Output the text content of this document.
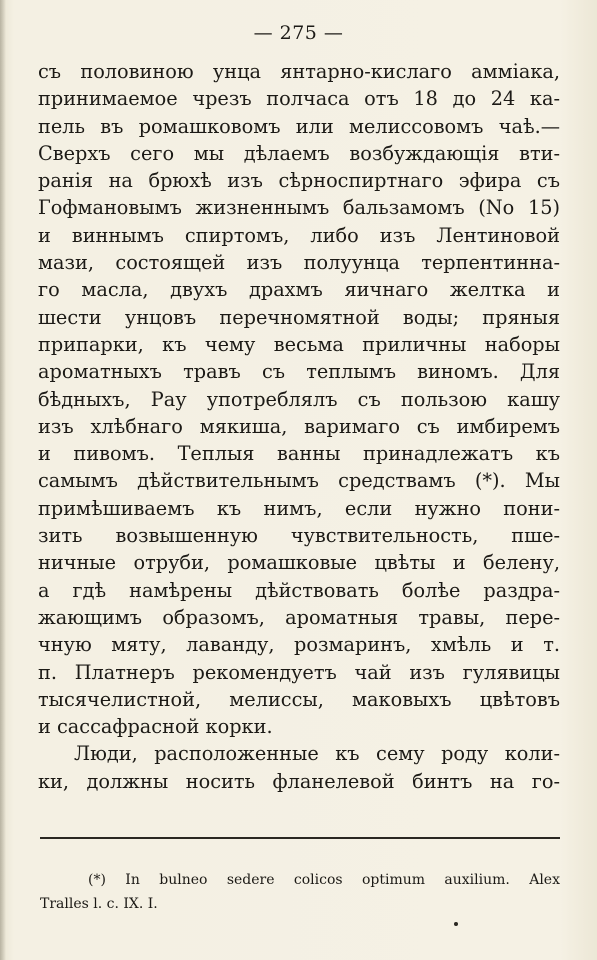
— 275 —
съ половиною унца янтарно-кислаго амміака,
принимаемое чрезъ полчаса отъ 18 до 24 ка-
пель въ ромашковомъ или мелиссовомъ чаѣ.—
Сверхъ сего мы дѣлаемъ возбуждающія вти-
ранія на брюхѣ изъ сѣрноспиртнаго эфира съ
Гофмановымъ жизненнымъ бальзамомъ (No 15)
и виннымъ спиртомъ, либо изъ Лентиновой
мази, состоящей изъ полуунца терпентинна-
го масла, двухъ драхмъ яичнаго желтка и
шести унцовъ перечномятной воды; пряныя
припарки, къ чему весьма приличны наборы
ароматныхъ травъ съ теплымъ виномъ. Для
бѣдныхъ, Рау употреблялъ съ пользою кашу
изъ хлѣбнаго мякиша, варимаго съ имбиремъ
и пивомъ. Теплыя ванны принадлежатъ къ
самымъ дѣйствительнымъ средствамъ (*). Мы
примѣшиваемъ къ нимъ, если нужно пони-
зить возвышенную чувствительность, пше-
ничные отруби, ромашковые цвѣты и белену,
а гдѣ намѣрены дѣйствовать болѣе раздра-
жающимъ образомъ, ароматныя травы, пере-
чную мяту, лаванду, розмаринъ, хмѣль и т.
п. Платнеръ рекомендуетъ чай изъ гулявицы
тысячелистной, мелиссы, маковыхъ цвѣтовъ
и сассафрасной корки.
Люди, расположенные къ сему роду коли-
ки, должны носить фланелевой бинтъ на го-
(*) In bulneo sedere colicos optimum auxilium. Alex
Tralles l. c. IX. I.
